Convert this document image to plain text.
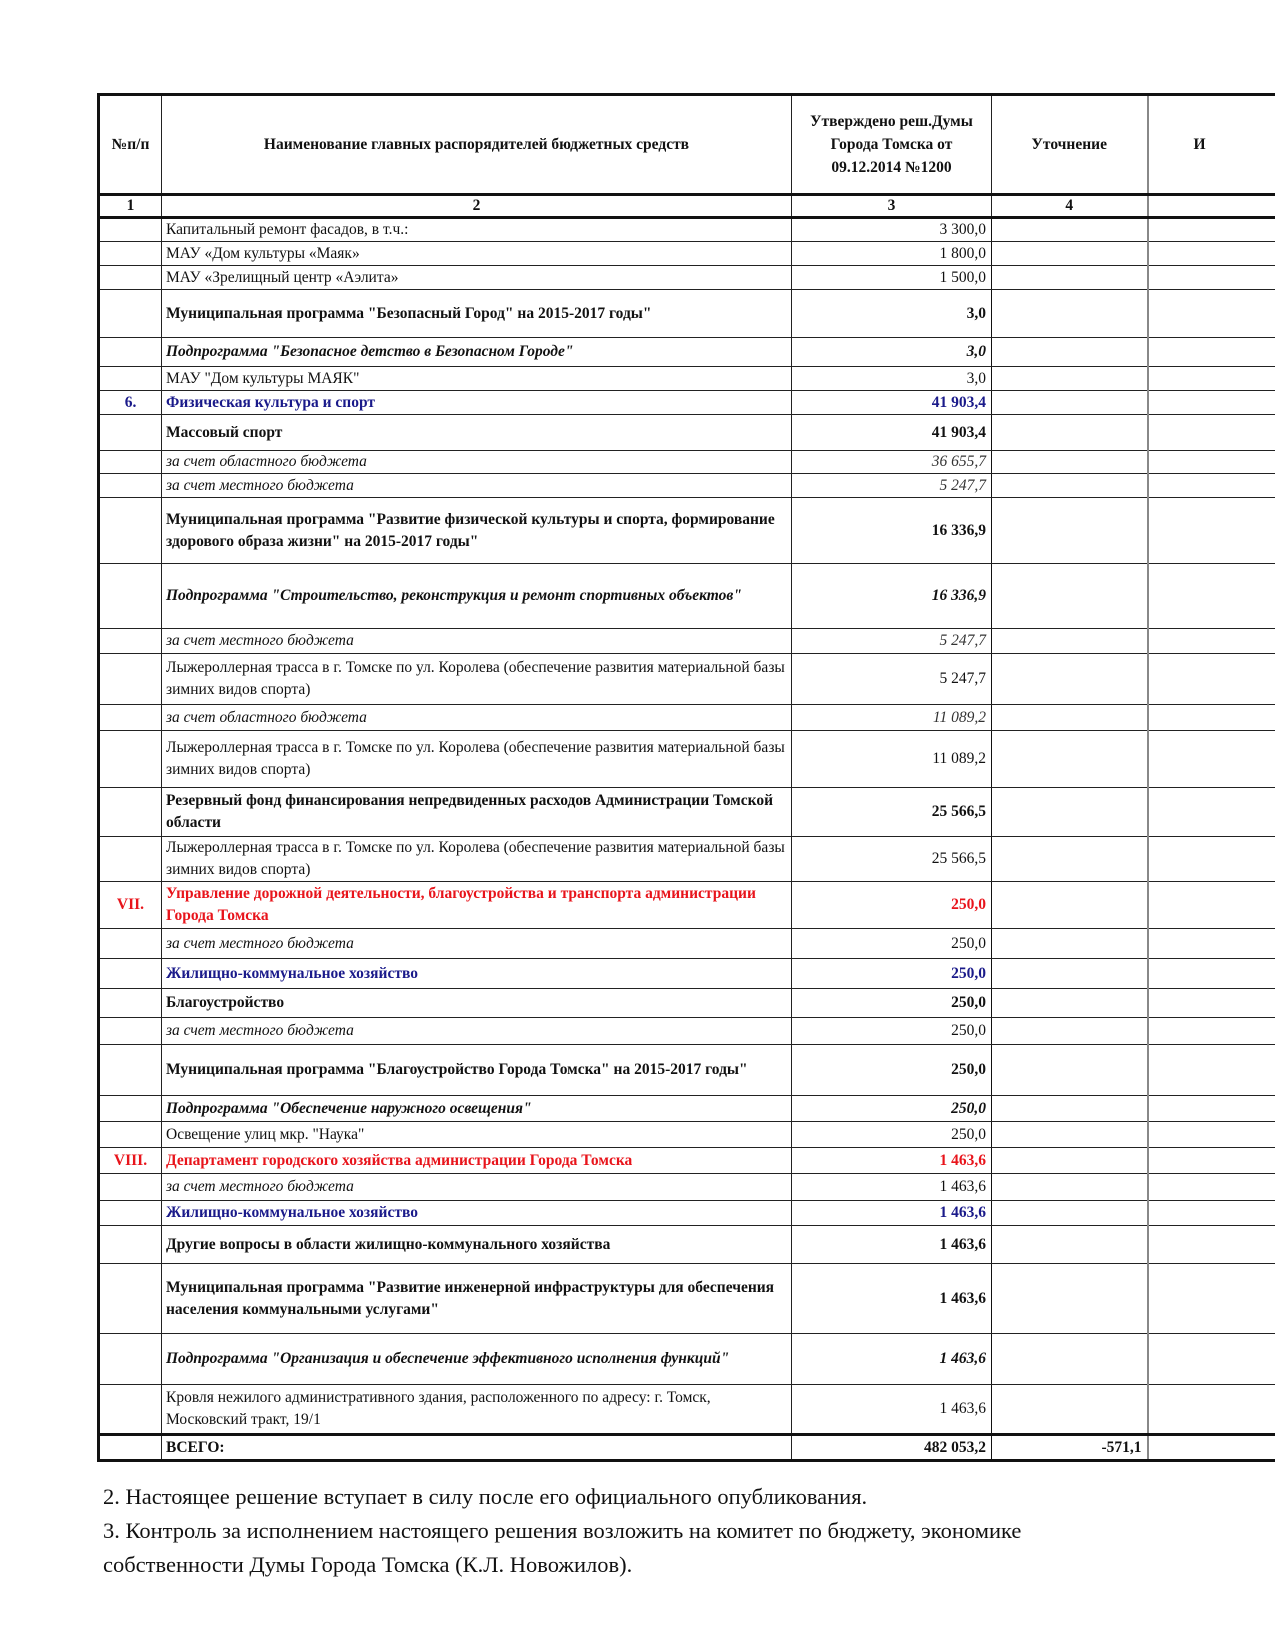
№п/п	Наименование главных распорядителей бюджетных средств	Утверждено реш.Думы Города Томска от 09.12.2014 №1200	Уточнение	И
1	2	3	4	
	Капитальный ремонт фасадов, в т.ч.:	3 300,0		
	МАУ «Дом культуры «Маяк»	1 800,0		
	МАУ «Зрелищный центр «Аэлита»	1 500,0		
	Муниципальная программа "Безопасный Город" на 2015-2017 годы"	3,0		
	Подпрограмма "Безопасное детство в Безопасном Городе"	3,0		
	МАУ "Дом культуры МАЯК"	3,0		
6.	Физическая культура и спорт	41 903,4		
	Массовый спорт	41 903,4		
	за счет областного бюджета	36 655,7		
	за счет местного бюджета	5 247,7		
	Муниципальная программа "Развитие физической культуры и спорта, формирование здорового образа жизни" на 2015-2017 годы"	16 336,9		
	Подпрограмма "Строительство, реконструкция и ремонт спортивных объектов"	16 336,9		
	за счет местного бюджета	5 247,7		
	Лыжероллерная трасса в г. Томске по ул. Королева (обеспечение развития материальной базы зимних видов спорта)	5 247,7		
	за счет областного бюджета	11 089,2		
	Лыжероллерная трасса в г. Томске по ул. Королева (обеспечение развития материальной базы зимних видов спорта)	11 089,2		
	Резервный фонд финансирования непредвиденных расходов Администрации Томской области	25 566,5		
	Лыжероллерная трасса в г. Томске по ул. Королева (обеспечение развития материальной базы зимних видов спорта)	25 566,5		
VII.	Управление дорожной деятельности, благоустройства и транспорта администрации Города Томска	250,0		
	за счет местного бюджета	250,0		
	Жилищно-коммунальное хозяйство	250,0		
	Благоустройство	250,0		
	за счет местного бюджета	250,0		
	Муниципальная программа "Благоустройство Города Томска" на 2015-2017 годы"	250,0		
	Подпрограмма "Обеспечение наружного освещения"	250,0		
	Освещение улиц мкр. "Наука"	250,0		
VIII.	Департамент городского хозяйства администрации Города Томска	1 463,6		
	за счет местного бюджета	1 463,6		
	Жилищно-коммунальное хозяйство	1 463,6		
	Другие вопросы в области жилищно-коммунального хозяйства	1 463,6		
	Муниципальная программа "Развитие инженерной инфраструктуры для обеспечения населения коммунальными услугами"	1 463,6		
	Подпрограмма "Организация и обеспечение эффективного исполнения функций"	1 463,6		
	Кровля нежилого административного здания, расположенного по адресу: г. Томск, Московский тракт, 19/1	1 463,6		
	ВСЕГО:	482 053,2	-571,1	
2. Настоящее решение вступает в силу после его официального опубликования.
3. Контроль за исполнением настоящего решения возложить на комитет по бюджету, экономике
собственности Думы Города Томска (К.Л. Новожилов).
